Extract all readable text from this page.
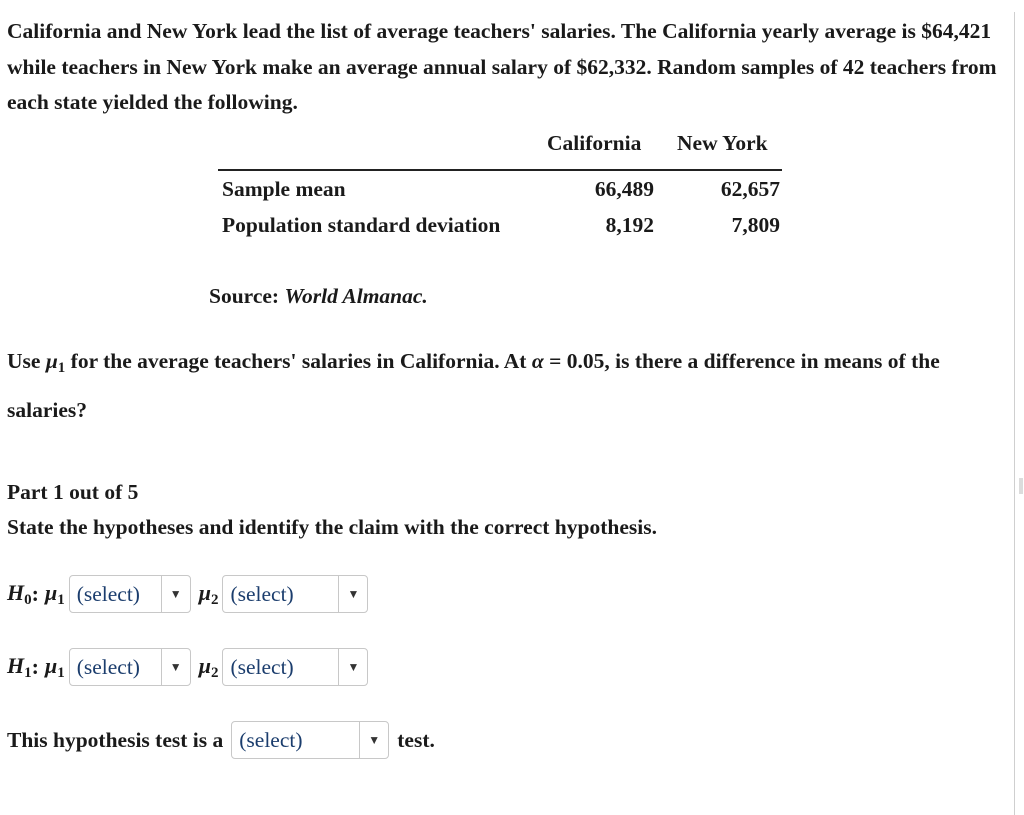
California and New York lead the list of average teachers' salaries. The California yearly average is $64,421 while teachers in New York make an average annual salary of $62,332. Random samples of 42 teachers from each state yielded the following.

California New York
Sample mean	66,489	62,657
Population standard deviation	8,192	7,809
Source: World Almanac.
Use $\mu_1$ for the average teachers' salaries in California. At α = 0.05, is there a difference in means of the salaries?
Part 1 out of 5
State the hypotheses and identify the claim with the correct hypothesis.
$H_0$ : $\mu_1$ (select)	▼ $\mu_2$ (select)	▼
$H_1$ : $\mu_1$ (select)	▼ $\mu_2$ (select)	▼
This hypothesis test is a (select)	▼ test.
